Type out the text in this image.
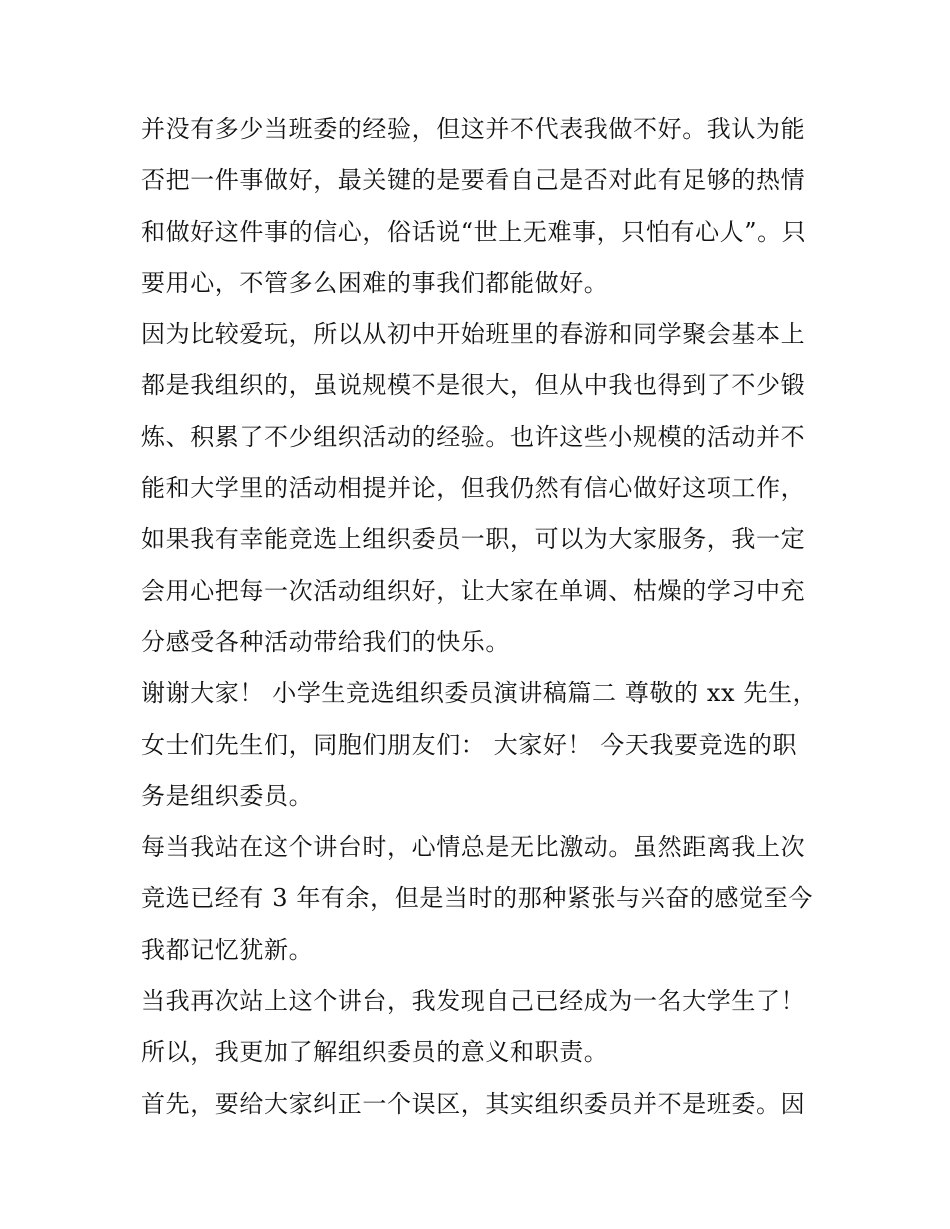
并没有多少当班委的经验，但这并不代表我做不好。我认为能
否把一件事做好，最关键的是要看自己是否对此有足够的热情
和做好这件事的信心，俗话说“世上无难事，只怕有心人”。只
要用心，不管多么困难的事我们都能做好。
因为比较爱玩，所以从初中开始班里的春游和同学聚会基本上
都是我组织的，虽说规模不是很大，但从中我也得到了不少锻
炼、积累了不少组织活动的经验。也许这些小规模的活动并不
能和大学里的活动相提并论，但我仍然有信心做好这项工作，
如果我有幸能竞选上组织委员一职，可以为大家服务，我一定
会用心把每一次活动组织好，让大家在单调、枯燥的学习中充
分感受各种活动带给我们的快乐。
谢谢大家！ 小学生竞选组织委员演讲稿篇二 尊敬的 xx 先生，
女士们先生们，同胞们朋友们： 大家好！ 今天我要竞选的职
务是组织委员。
每当我站在这个讲台时，心情总是无比激动。虽然距离我上次
竞选已经有 3 年有余，但是当时的那种紧张与兴奋的感觉至今
我都记忆犹新。
当我再次站上这个讲台，我发现自己已经成为一名大学生了！
所以，我更加了解组织委员的意义和职责。
首先，要给大家纠正一个误区，其实组织委员并不是班委。因
